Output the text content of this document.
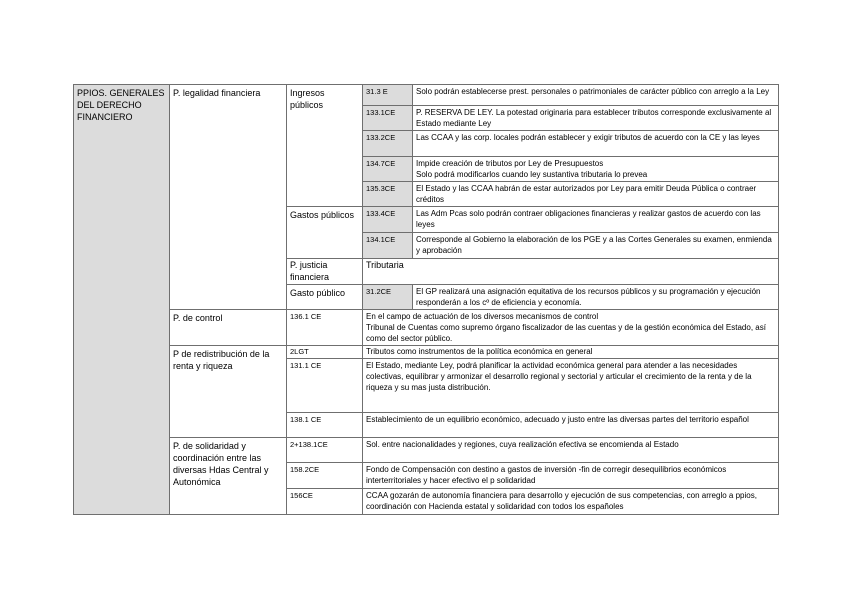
PPIOS. GENERALES DEL DERECHO FINANCIERO	P. legalidad financiera	Ingresos públicos	31.3 E	Solo podrán establecerse prest. personales o patrimoniales de carácter público con arreglo a la Ley
			133.1CE	P. RESERVA DE LEY. La potestad originaria para establecer tributos corresponde exclusivamente al Estado mediante Ley
			133.2CE	Las CCAA y las corp. locales podrán establecer y exigir tributos de acuerdo con la CE y las leyes
			134.7CE	Impide creación de tributos por Ley de Presupuestos
Solo podrá modificarlos cuando ley sustantiva tributaria lo prevea

			135.3CE	El Estado y las CCAA habrán de estar autorizados por Ley para emitir Deuda Pública o contraer créditos
		Gastos públicos	133.4CE	Las Adm Pcas solo podrán contraer obligaciones financieras y realizar gastos de acuerdo con las leyes
			134.1CE	Corresponde al Gobierno la elaboración de los PGE y a las Cortes Generales su examen, enmienda y aprobación
		P. justicia financiera	Tributaria	
		Gasto público	31.2CE	El GP realizará una asignación equitativa de los recursos públicos y su programación y ejecución responderán a los cº de eficiencia y economía.
	P. de control	136.1 CE	En el campo de actuación de los diversos mecanismos de control
Tribunal de Cuentas como supremo órgano fiscalizador de las cuentas y de la gestión económica del Estado, así como del sector público.	

	P de redistribución de la renta y riqueza	2LGT	Tributos como instrumentos de la política económica en general	
		131.1 CE	El Estado, mediante Ley, podrá planificar la actividad económica general para atender a las necesidades colectivas, equilibrar y armonizar el desarrollo regional y sectorial y articular el crecimiento de la renta y de la riqueza y su mas justa distribución.	
		138.1 CE	Establecimiento de un equilibrio económico, adecuado y justo entre las diversas partes del territorio español	
	P. de solidaridad y coordinación entre las diversas Hdas Central y Autonómica	2+138.1CE	Sol. entre nacionalidades y regiones, cuya realización efectiva se encomienda al Estado	
		158.2CE	Fondo de Compensación con destino a gastos de inversión -fin de corregir desequilibrios económicos interterritoriales y hacer efectivo el p solidaridad	
		156CE	CCAA gozarán de autonomía financiera para desarrollo y ejecución de sus competencias, con arreglo a ppios, coordinación con Hacienda estatal y solidaridad con todos los españoles	
